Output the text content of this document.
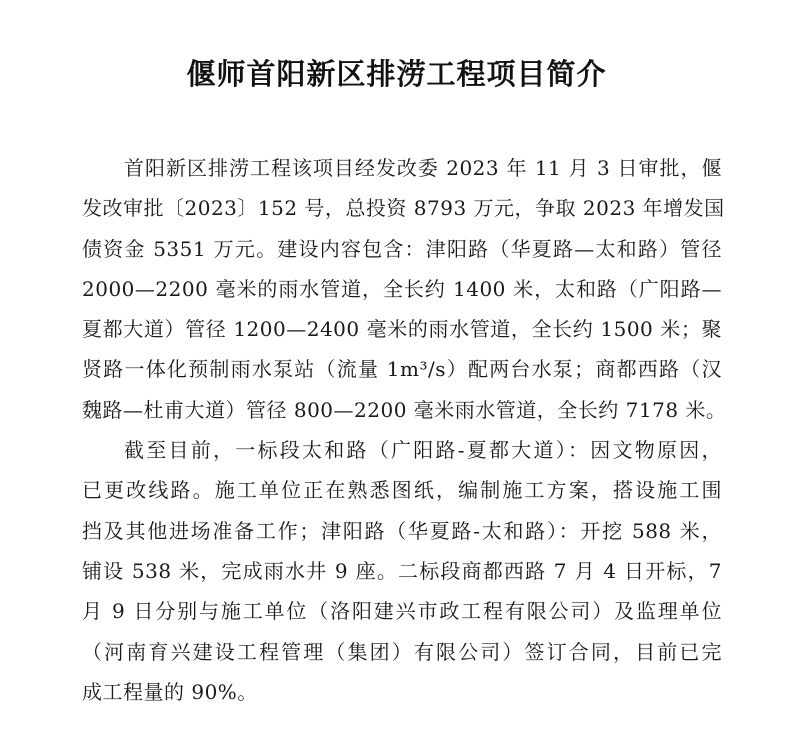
偃师首阳新区排涝工程项目简介
首阳新区排涝工程该项目经发改委 2023 年 11 月 3 日审批，偃
发改审批〔2023〕152 号，总投资 8793 万元，争取 2023 年增发国
债资金 5351 万元。建设内容包含：津阳路（华夏路—太和路）管径
2000—2200 毫米的雨水管道，全长约 1400 米，太和路（广阳路—
夏都大道）管径 1200—2400 毫米的雨水管道，全长约 1500 米；聚
贤路一体化预制雨水泵站（流量 1m³/s）配两台水泵；商都西路（汉
魏路—杜甫大道）管径 800—2200 毫米雨水管道，全长约 7178 米。
截至目前，一标段太和路（广阳路-夏都大道）：因文物原因，
已更改线路。施工单位正在熟悉图纸，编制施工方案，搭设施工围
挡及其他进场准备工作；津阳路（华夏路-太和路）：开挖 588 米，
铺设 538 米，完成雨水井 9 座。二标段商都西路 7 月 4 日开标，7
月 9 日分别与施工单位（洛阳建兴市政工程有限公司）及监理单位
（河南育兴建设工程管理（集团）有限公司）签订合同，目前已完
成工程量的 90%。
